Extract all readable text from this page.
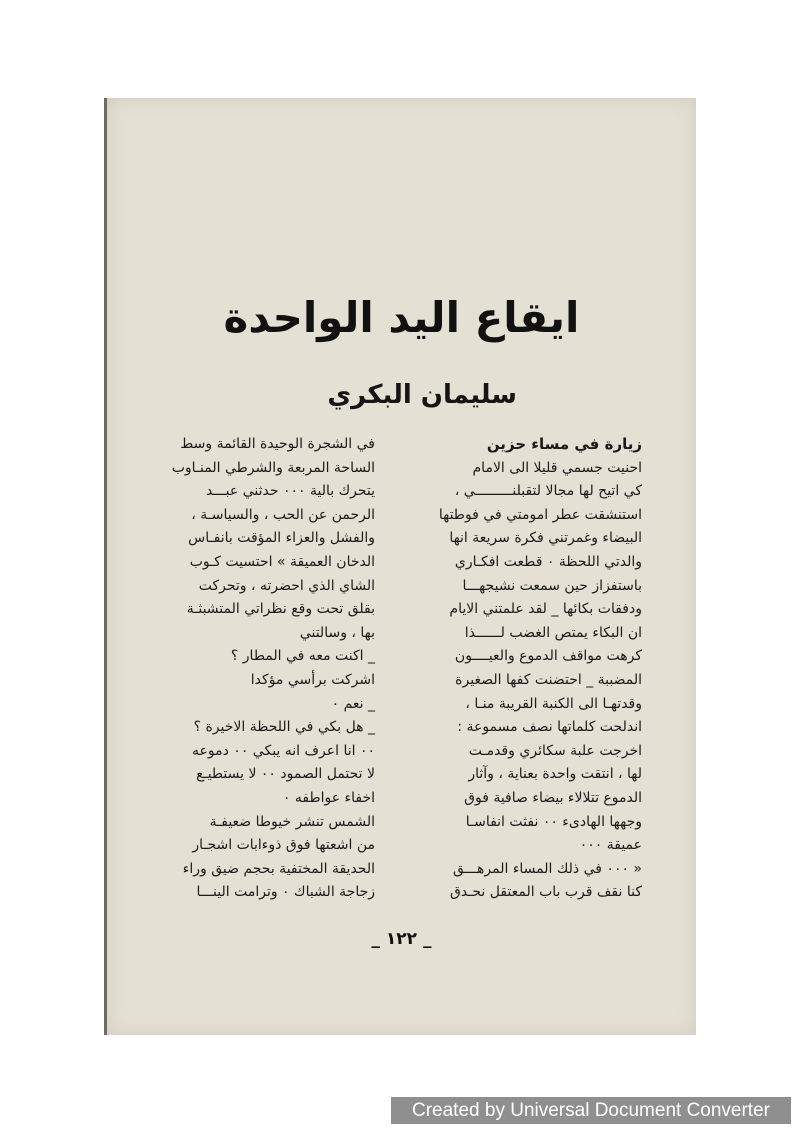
ايقاع اليد الواحدة
سليمان البكري

زيارة في مساء حزين

احنيت جسمي قليلا الى الامام

كي اتيح لها مجالا لتقبلنـــــــــي ،

استنشقت عطر امومتي في فوطتها

البيضاء وغمرتني فكرة سريعة انها

والدتي اللحظة ٠ قطعت افكـاري

باستفزاز حين سمعت نشيجهـــا

ودفقات بكائها _ لقد علمتني الايام

ان البكاء يمتص الغضب لــــــذا

كرهت مواقف الدموع والعيــــون

المضببة _ احتضنت كفها الصغيرة

وقدتهـا الى الكنبة القريبة منـا ،

اندلحت كلماتها نصف مسموعة :

اخرجت علبة سكائري وقدمـت

لها ، انتقت واحدة بعناية ، وآثار

الدموع تتلالاء بيضاء صافية فوق

وجهها الهادىء ٠٠ نفثت انفاسـا

عميقة ٠٠٠

« ٠٠٠ في ذلك المساء المرهـــق

كنا نقف قرب باب المعتقل نحـدق

في الشجرة الوحيدة القائمة وسط

الساحة المربعة والشرطي المنـاوب

يتحرك بالية ٠٠٠ حدثني عبـــد

الرحمن عن الحب ، والسياسـة ،

والفشل والعزاء المؤقت بانفـاس

الدخان العميقة » احتسيت كـوب

الشاي الذي احضرته ، وتحركت

بقلق تحت وقع نظراتي المتشبثـة

بها ، وسالتني

_ اكنت معه في المطار ؟

اشركت برأسي مؤكدا

_ نعم ٠

_ هل بكي في اللحظة الاخيرة ؟

٠٠ انا اعرف انه يبكي ٠٠ دموعه

لا تحتمل الصمود ٠٠ لا يستطيـع

اخفاء عواطفه ٠

الشمس تنشر خيوطا ضعيفـة

من اشعتها فوق ذوءابات اشجـار

الحديقة المختفية بحجم ضيق وراء

زجاجة الشباك ٠ وترامت الينـــا

_ ١٢٢ _
Created by Universal Document Converter
